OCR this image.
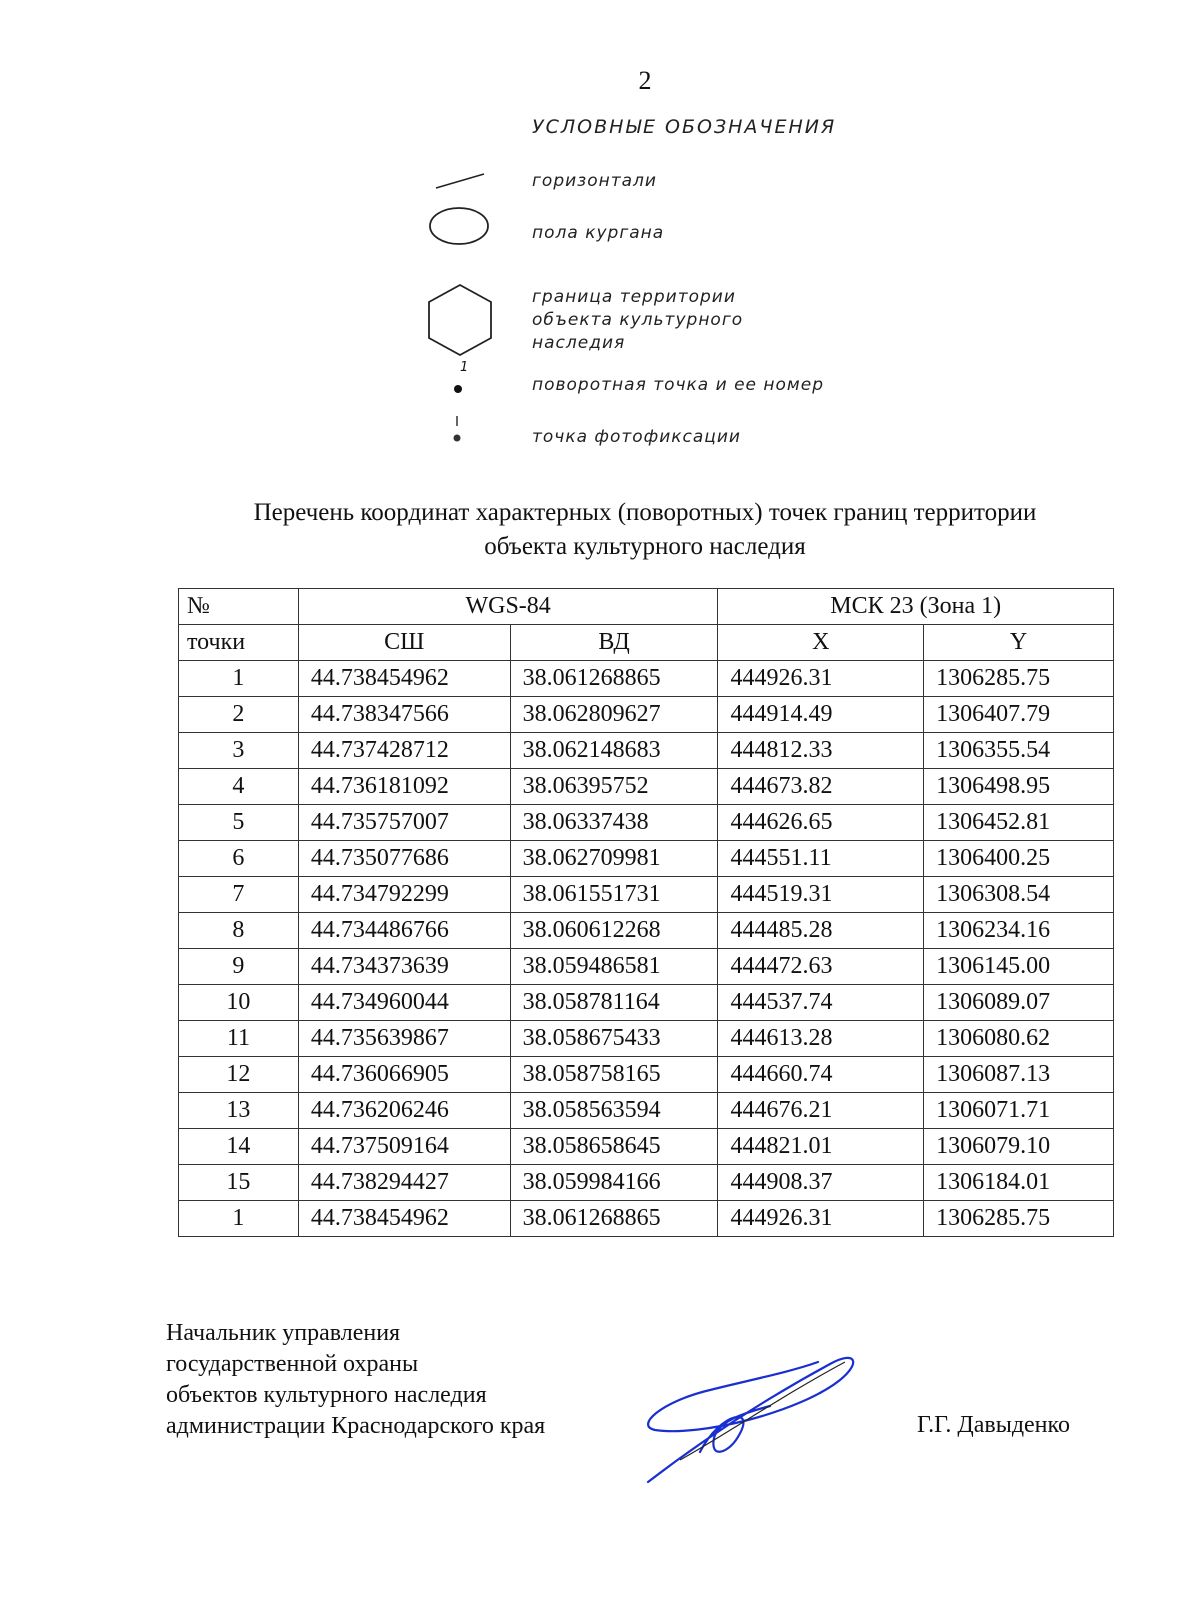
2
УСЛОВНЫЕ ОБОЗНАЧЕНИЯ
горизонтали
пола кургана
граница территории
объекта культурного
наследия
1
поворотная точка и ее номер
точка фотофиксации
Перечень координат характерных (поворотных) точек границ территории
объекта культурного наследия
№	WGS-84		МСК 23 (Зона 1)	
точки	СШ	ВД	X	Y
1	44.738454962	38.061268865	444926.31	1306285.75
2	44.738347566	38.062809627	444914.49	1306407.79
3	44.737428712	38.062148683	444812.33	1306355.54
4	44.736181092	38.06395752	444673.82	1306498.95
5	44.735757007	38.06337438	444626.65	1306452.81
6	44.735077686	38.062709981	444551.11	1306400.25
7	44.734792299	38.061551731	444519.31	1306308.54
8	44.734486766	38.060612268	444485.28	1306234.16
9	44.734373639	38.059486581	444472.63	1306145.00
10	44.734960044	38.058781164	444537.74	1306089.07
11	44.735639867	38.058675433	444613.28	1306080.62
12	44.736066905	38.058758165	444660.74	1306087.13
13	44.736206246	38.058563594	444676.21	1306071.71
14	44.737509164	38.058658645	444821.01	1306079.10
15	44.738294427	38.059984166	444908.37	1306184.01
1	44.738454962	38.061268865	444926.31	1306285.75
Начальник управления
государственной охраны
объектов культурного наследия
администрации Краснодарского края	Г.Г. Давыденко
